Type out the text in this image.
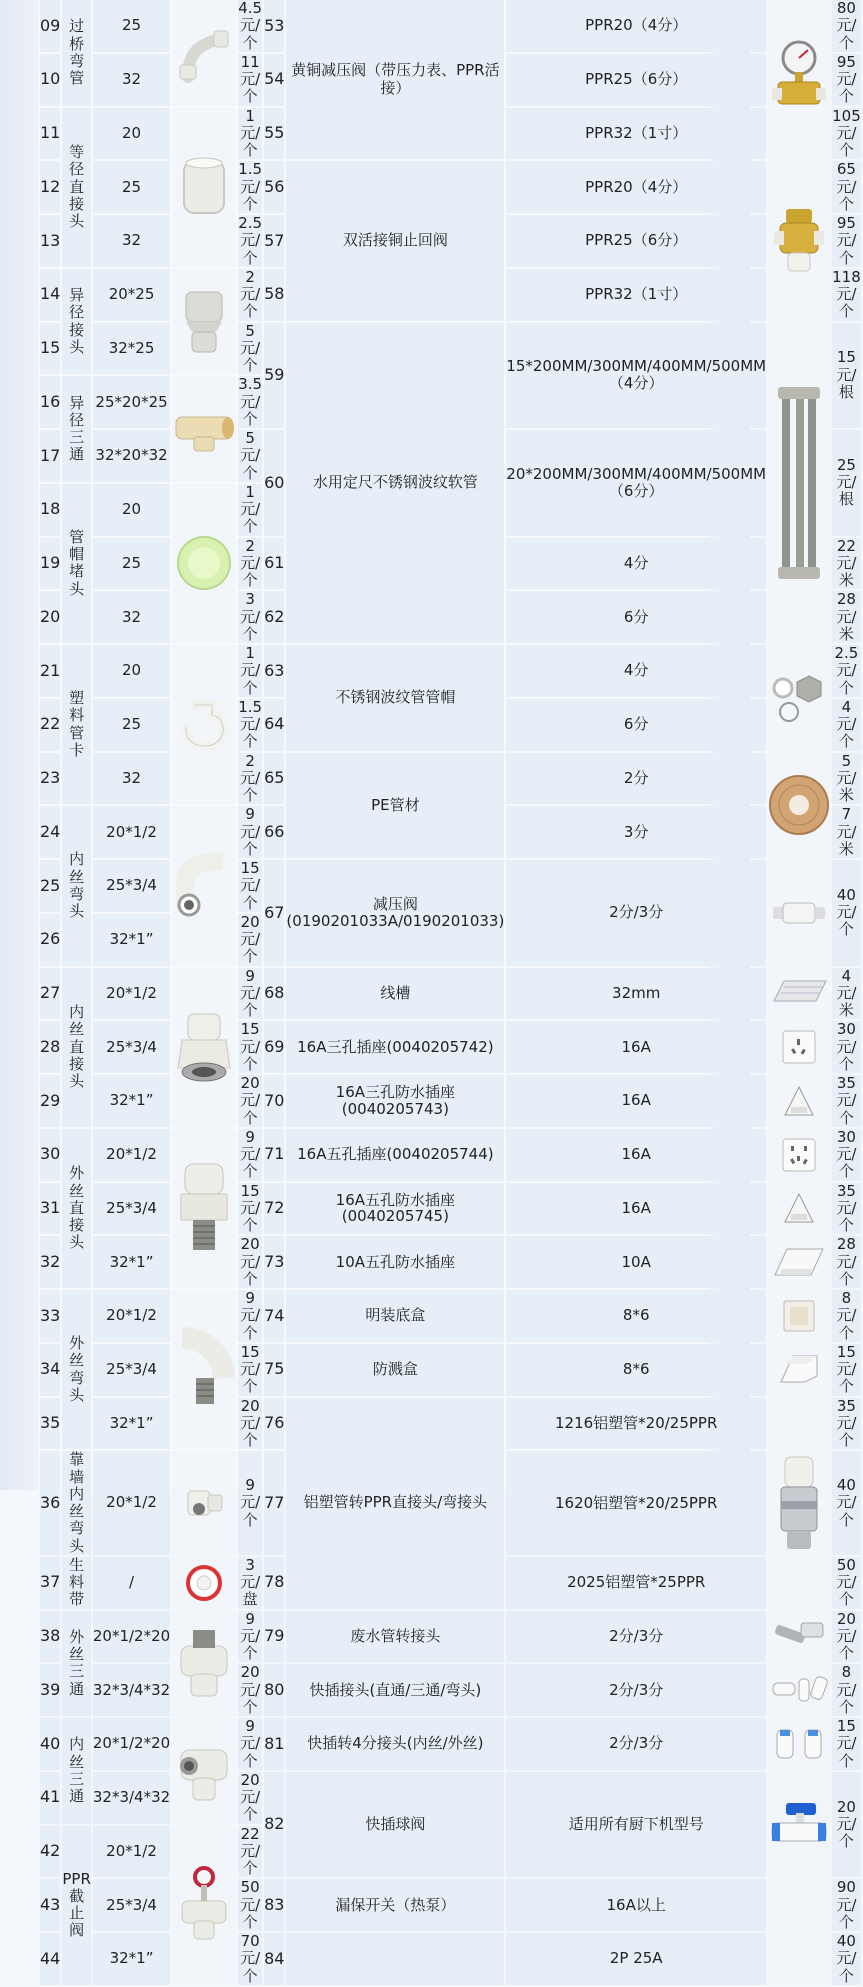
09	过桥弯管	25		4.5元/个	53	黄铜减压阀（带压力表、PPR活接）	PPR20（4分）		80元/个
10		32		11元/个	54		PPR25（6分）		95元/个
11	等径直接头	20		1元/个	55		PPR32（1寸）		105元/个
12		25		1.5元/个	56	双活接铜止回阀	PPR20（4分）		65元/个
13		32		2.5元/个	57		PPR25（6分）		95元/个
14	异径接头	20*25		2元/个	58		PPR32（1寸）		118元/个
15		32*25		5元/个	59	水用定尺不锈钢波纹软管	15*200MM/300MM/400MM/500MM（4分）		15元/根
16	异径三通	25*20*25		3.5元/个					
17		32*20*32		5元/个	60		20*200MM/300MM/400MM/500MM（6分）		25元/根
18	管帽堵头	20		1元/个					
19		25		2元/个	61		4分		22元/米
20		32		3元/个	62		6分		28元/米
21	塑料管卡	20		1元/个	63	不锈钢波纹管管帽	4分		2.5元/个
22		25		1.5元/个	64		6分		4元/个
23		32		2元/个	65	PE管材	2分		5元/米
24	内丝弯头	20*1/2		9元/个	66		3分		7元/米
25		25*3/4		15元/个	67	减压阀(0190201033A/0190201033)	2分/3分		40元/个
26		32*1”		20元/个					
27	内丝直接头	20*1/2		9元/个	68	线槽	32mm		4元/米
28		25*3/4		15元/个	69	16A三孔插座(0040205742)	16A		30元/个
29		32*1”		20元/个	70	16A三孔防水插座(0040205743)	16A		35元/个
30	外丝直接头	20*1/2		9元/个	71	16A五孔插座(0040205744)	16A		30元/个
31		25*3/4		15元/个	72	16A五孔防水插座(0040205745)	16A		35元/个
32		32*1”		20元/个	73	10A五孔防水插座	10A		28元/个
33	外丝弯头	20*1/2		9元/个	74	明装底盒	8*6		8元/个
34		25*3/4		15元/个	75	防溅盒	8*6		15元/个
35		32*1”		20元/个	76	铝塑管转PPR直接头/弯接头	1216铝塑管*20/25PPR		35元/个
36	靠墙内丝弯头	20*1/2		9元/个	77		1620铝塑管*20/25PPR		40元/个
37	生料带	/		3元/盘	78		2025铝塑管*25PPR		50元/个
38	外丝三通	20*1/2*20		9元/个	79	废水管转接头	2分/3分		20元/个
39		32*3/4*32		20元/个	80	快插接头(直通/三通/弯头)	2分/3分		8元/个
40	内丝三通	20*1/2*20		9元/个	81	快插转4分接头(内丝/外丝)	2分/3分		15元/个
41		32*3/4*32		20元/个	82	快插球阀	适用所有厨下机型号		20元/个
42	PPR截止阀	20*1/2		22元/个					
43		25*3/4		50元/个	83	漏保开关（热泵）	16A以上		90元/个
44		32*1”		70元/个	84		2P 25A		40元/个
